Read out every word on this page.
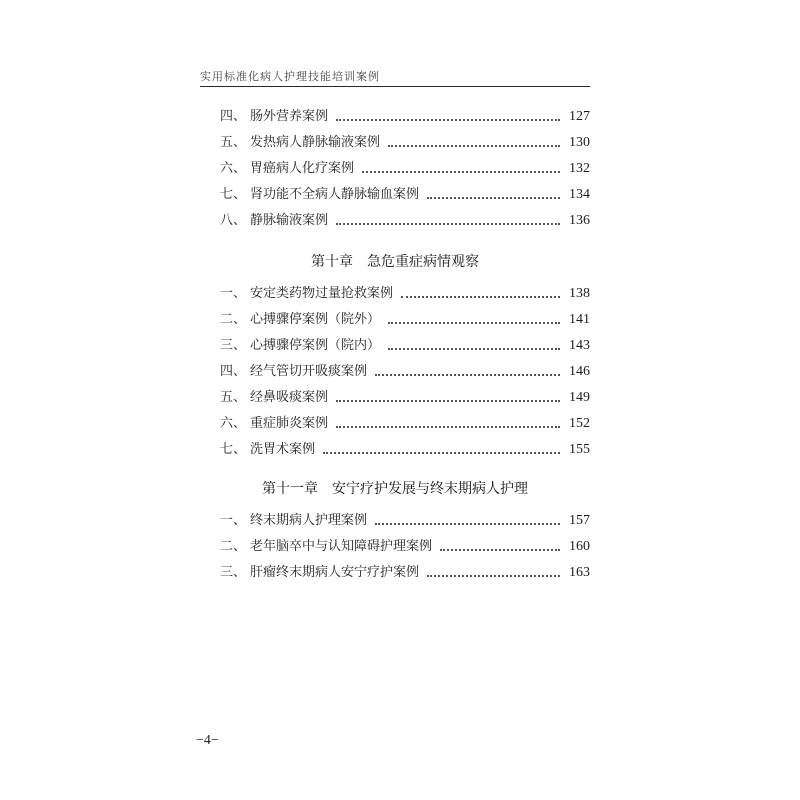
实用标准化病人护理技能培训案例
四、 肠外营养案例	127
五、 发热病人静脉输液案例	130
六、 胃癌病人化疗案例	132
七、 肾功能不全病人静脉输血案例	134
八、 静脉输液案例	136
第十章 急危重症病情观察
一、 安定类药物过量抢救案例	138
二、 心搏骤停案例（院外）	141
三、 心搏骤停案例（院内）	143
四、 经气管切开吸痰案例	146
五、 经鼻吸痰案例	149
六、 重症肺炎案例	152
七、 洗胃术案例	155
第十一章 安宁疗护发展与终末期病人护理
一、 终末期病人护理案例	157
二、 老年脑卒中与认知障碍护理案例	160
三、 肝瘤终末期病人安宁疗护案例	163
−4−
